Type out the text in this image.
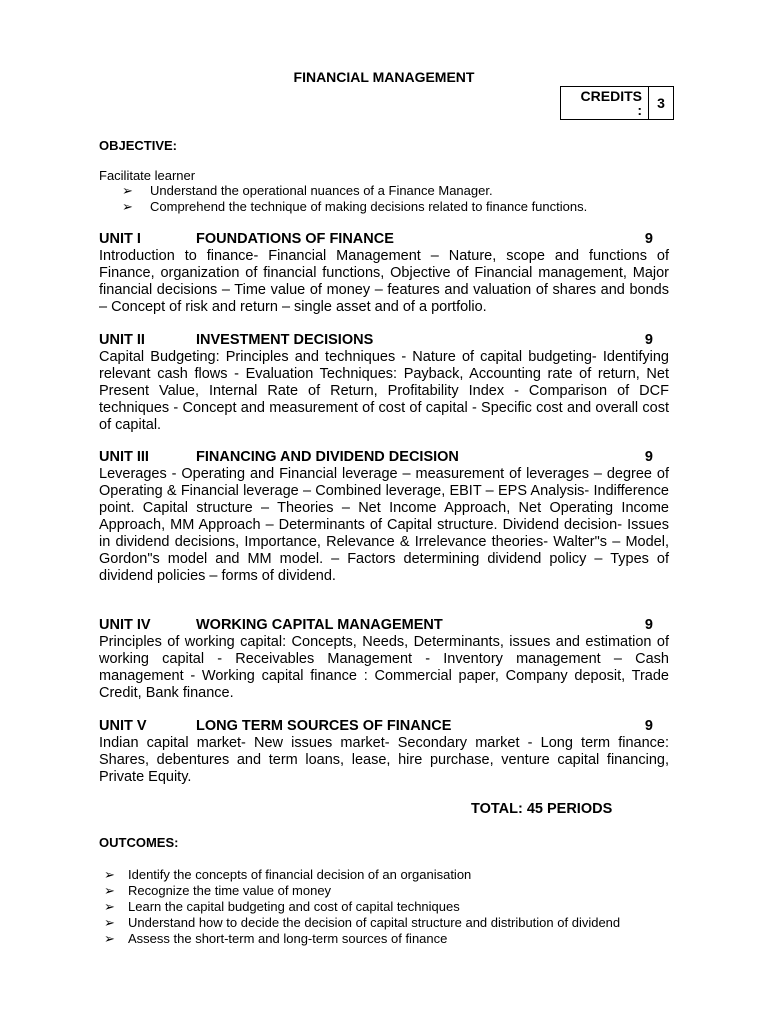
FINANCIAL MANAGEMENT
CREDITS
:	3
OBJECTIVE:
Facilitate learner
➢ Understand the operational nuances of a Finance Manager.
➢ Comprehend the technique of making decisions related to finance functions.
UNIT I	FOUNDATIONS OF FINANCE	9
Introduction to finance- Financial Management – Nature, scope and functions of Finance, organization of financial functions, Objective of Financial management, Major financial decisions – Time value of money – features and valuation of shares and bonds – Concept of risk and return – single asset and of a portfolio.
UNIT II	INVESTMENT DECISIONS	9
Capital Budgeting: Principles and techniques - Nature of capital budgeting- Identifying relevant cash flows - Evaluation Techniques: Payback, Accounting rate of return, Net Present Value, Internal Rate of Return, Profitability Index - Comparison of DCF techniques - Concept and measurement of cost of capital - Specific cost and overall cost of capital.
UNIT III	FINANCING AND DIVIDEND DECISION	9
Leverages - Operating and Financial leverage – measurement of leverages – degree of Operating & Financial leverage – Combined leverage, EBIT – EPS Analysis- Indifference point. Capital structure – Theories – Net Income Approach, Net Operating Income Approach, MM Approach – Determinants of Capital structure. Dividend decision- Issues in dividend decisions, Importance, Relevance & Irrelevance theories- Walter"s – Model, Gordon"s model and MM model. – Factors determining dividend policy – Types of dividend policies – forms of dividend.
UNIT IV	WORKING CAPITAL MANAGEMENT	9
Principles of working capital: Concepts, Needs, Determinants, issues and estimation of working capital - Receivables Management - Inventory management – Cash management - Working capital finance : Commercial paper, Company deposit, Trade Credit, Bank finance.
UNIT V	LONG TERM SOURCES OF FINANCE	9
Indian capital market- New issues market- Secondary market - Long term finance: Shares, debentures and term loans, lease, hire purchase, venture capital financing, Private Equity.
TOTAL: 45 PERIODS
OUTCOMES:
➢ Identify the concepts of financial decision of an organisation
➢ Recognize the time value of money
➢ Learn the capital budgeting and cost of capital techniques
➢ Understand how to decide the decision of capital structure and distribution of dividend
➢ Assess the short-term and long-term sources of finance
